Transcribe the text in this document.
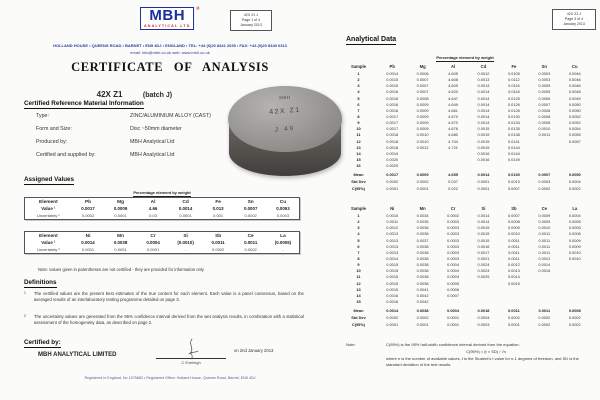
42X Z1 J
Page 1 of 4
January 2013
MBH	®
ANALYTICAL LTD
HOLLAND HOUSE • QUEENS ROAD • BARNET • EN5 4DJ • ENGLAND • TEL: +44 (0)20 8441 2035 • FAX: +44 (0)20 8449 6313
email: info@mbh.co.uk web: www.mbh.co.uk
CERTIFICATE OF ANALYSIS
42X Z1	(batch J)
Certified Reference Material Information
Type:	ZINC/ALUMINIUM ALLOY (CAST)
Form and Size:	Disc ~50mm diameter
Produced by:	MBH Analytical Ltd
Certified and supplied by:	MBH Analytical Ltd
Assigned Values
Percentage element by weight
Element	Pb	Mg	Al	Cd	Fe	Sn	Cu
Value ¹	0.0017	0.0009	4.66	0.0014	0.013	0.0007	0.0053
Uncertainty ²	0.0002	0.0001	0.03	0.0001	0.001	0.0002	0.0003
Element	Ni	Mn	Cr	Si	Sb	Ce	La
Value ¹	0.0014	0.0038	0.0004	(0.0010)	0.0011	0.0011	(0.0006)
Uncertainty ²	0.0001	0.0001	0.0001	-	0.0002	0.0002	-
Note: values given in parentheses are not certified - they are provided for information only
Definitions
$^1$ The certified values are the present best estimates of the true content for each element. Each value is a panel consensus, based on the averaged results of an interlaboratory testing programme detailed on page 3.
$^2$ The uncertainty values are generated from the 95% confidence interval derived from the wet analysis results, in combination with a statistical assessment of the homogeneity data, as described on page 2.
Certified by:
MBH ANALYTICAL LIMITED
C Eveleigh
on 2nd January 2013
Registered in England, No 1575883 • Registered Office: Holland House, Queens Road, Barnet, EN5 4DJ
42X Z1 J
Page 3 of 4
January 2013
Analytical Data
Percentage element by weight
Sample	Pb	Mg	Al	Cd	Fe	Sn	Cu
1	0.0014	0.0006	4.605	0.0012	0.0105	0.0003	0.0044
2	0.0015	0.0007	4.608	0.0013	0.0112	0.0003	0.0046
3	0.0015	0.0007	4.609	0.0013	0.0116	0.0005	0.0046
4	0.0016	0.0007	4.620	0.0014	0.0118	0.0005	0.0048
5	0.0016	0.0008	4.647	0.0014	0.0125	0.0006	0.0049
6	0.0016	0.0009	4.649	0.0014	0.0126	0.0007	0.0050
7	0.0016	0.0009	4.661	0.0014	0.0126	0.0008	0.0050
8	0.0017	0.0009	4.670	0.0014	0.0130	0.0008	0.0052
9	0.0017	0.0009	4.670	0.0014	0.0134	0.0008	0.0052
10	0.0017	0.0009	4.676	0.0015	0.0135	0.0010	0.0054
11	0.0018	0.0010	4.680	0.0015	0.0138	0.0011	0.0055
12	0.0018	0.0010	4.704	0.0015	0.0141		0.0057
13	0.0018	0.0012	4.721	0.0015	0.0144		
14	0.0019			0.0016	0.0144		
15	0.0020			0.0016	0.0149		
16	0.0020						
Mean	0.0017	0.0009	4.655	0.0014	0.0130	0.0007	0.0050
Std Dev	0.0002	0.0002	0.037	0.0001	0.0013	0.0003	0.0004
C(95%)	0.0001	0.0001	0.022	0.0001	0.0007	0.0002	0.0002
Sample	Ni	Mn	Cr	Si	Sb	Ce	La
1	0.0010	0.0034	0.0002	0.0014	0.0007	0.0009	0.0004
2	0.0011	0.0035	0.0003	0.0014	0.0008	0.0009	0.0005
3	0.0012	0.0036	0.0003	0.0015	0.0009	0.0010	0.0005
4	0.0013	0.0036	0.0003	0.0015	0.0010	0.0011	0.0008
5	0.0013	0.0037	0.0003	0.0015	0.0011	0.0011	0.0009
6	0.0013	0.0038	0.0003	0.0016	0.0011	0.0011	0.0009
7	0.0013	0.0038	0.0003	0.0017	0.0011	0.0011	0.0010
8	0.0014	0.0038	0.0003	0.0021	0.0011	0.0012	0.0010
9	0.0015	0.0038	0.0004	0.0024	0.0012	0.0014	
10	0.0015	0.0038	0.0004	0.0024	0.0013	0.0016	
11	0.0015	0.0038	0.0004	0.0025	0.0014		
12	0.0015	0.0038	0.0005		0.0015		
13	0.0015	0.0041	0.0006				
14	0.0016	0.0042	0.0007				
15	0.0016	0.0042					
Mean	0.0014	0.0038	0.0004	0.0018	0.0011	0.0011	0.0008
Std Dev	0.0002	0.0002	0.0001	0.0004	0.0002	0.0002	0.0002
C(95%)	0.0001	0.0001	0.0001	0.0003	0.0001	0.0002	0.0002
Note:	C(95%) is the 95% half-width confidence interval derived from the equation:
C(95%) = (t × SD) / √n
where n is the number of available values, t is the Student's t value for n-1 degrees of freedom, and SD is the standard deviation of the test results.
MBH
42X Z1
J 49
